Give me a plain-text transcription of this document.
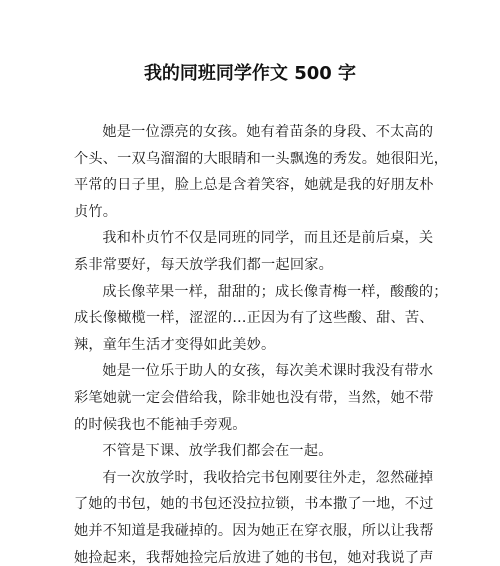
我的同班同学作文 500 字

她是一位漂亮的女孩。她有着苗条的身段、不太高的
个头、一双乌溜溜的大眼睛和一头飘逸的秀发。她很阳光，
平常的日子里，脸上总是含着笑容，她就是我的好朋友朴
贞竹。

我和朴贞竹不仅是同班的同学，而且还是前后桌，关
系非常要好，每天放学我们都一起回家。

成长像苹果一样，甜甜的；成长像青梅一样，酸酸的；
成长像橄榄一样，涩涩的…正因为有了这些酸、甜、苦、
辣，童年生活才变得如此美妙。

她是一位乐于助人的女孩，每次美术课时我没有带水
彩笔她就一定会借给我，除非她也没有带，当然，她不带
的时候我也不能袖手旁观。

不管是下课、放学我们都会在一起。

有一次放学时，我收拾完书包刚要往外走，忽然碰掉
了她的书包，她的书包还没拉拉锁，书本撒了一地，不过
她并不知道是我碰掉的。因为她正在穿衣服，所以让我帮
她捡起来，我帮她捡完后放进了她的书包，她对我说了声
